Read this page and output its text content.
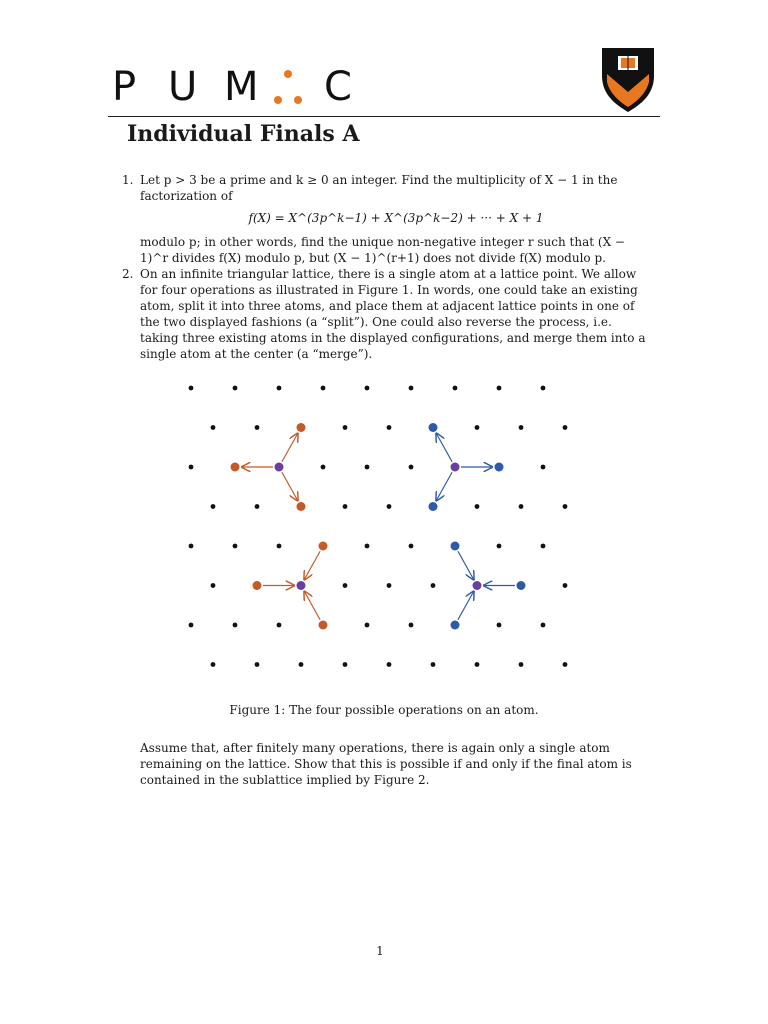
P U M C
Individual Finals A
1. Let p > 3 be a prime and k ≥ 0 an integer. Find the multiplicity of X − 1 in the factorization of
f(X) = X^(3p^k−1) + X^(3p^k−2) + ··· + X + 1
modulo p; in other words, find the unique non-negative integer r such that (X − 1)^r divides f(X) modulo p, but (X − 1)^(r+1) does not divide f(X) modulo p.
2. On an infinite triangular lattice, there is a single atom at a lattice point. We allow for four operations as illustrated in Figure 1. In words, one could take an existing atom, split it into three atoms, and place them at adjacent lattice points in one of the two displayed fashions (a “split”). One could also reverse the process, i.e. taking three existing atoms in the displayed configurations, and merge them into a single atom at the center (a “merge”).
Figure 1: The four possible operations on an atom.
Assume that, after finitely many operations, there is again only a single atom remaining on the lattice. Show that this is possible if and only if the final atom is contained in the sublattice implied by Figure 2.
1
